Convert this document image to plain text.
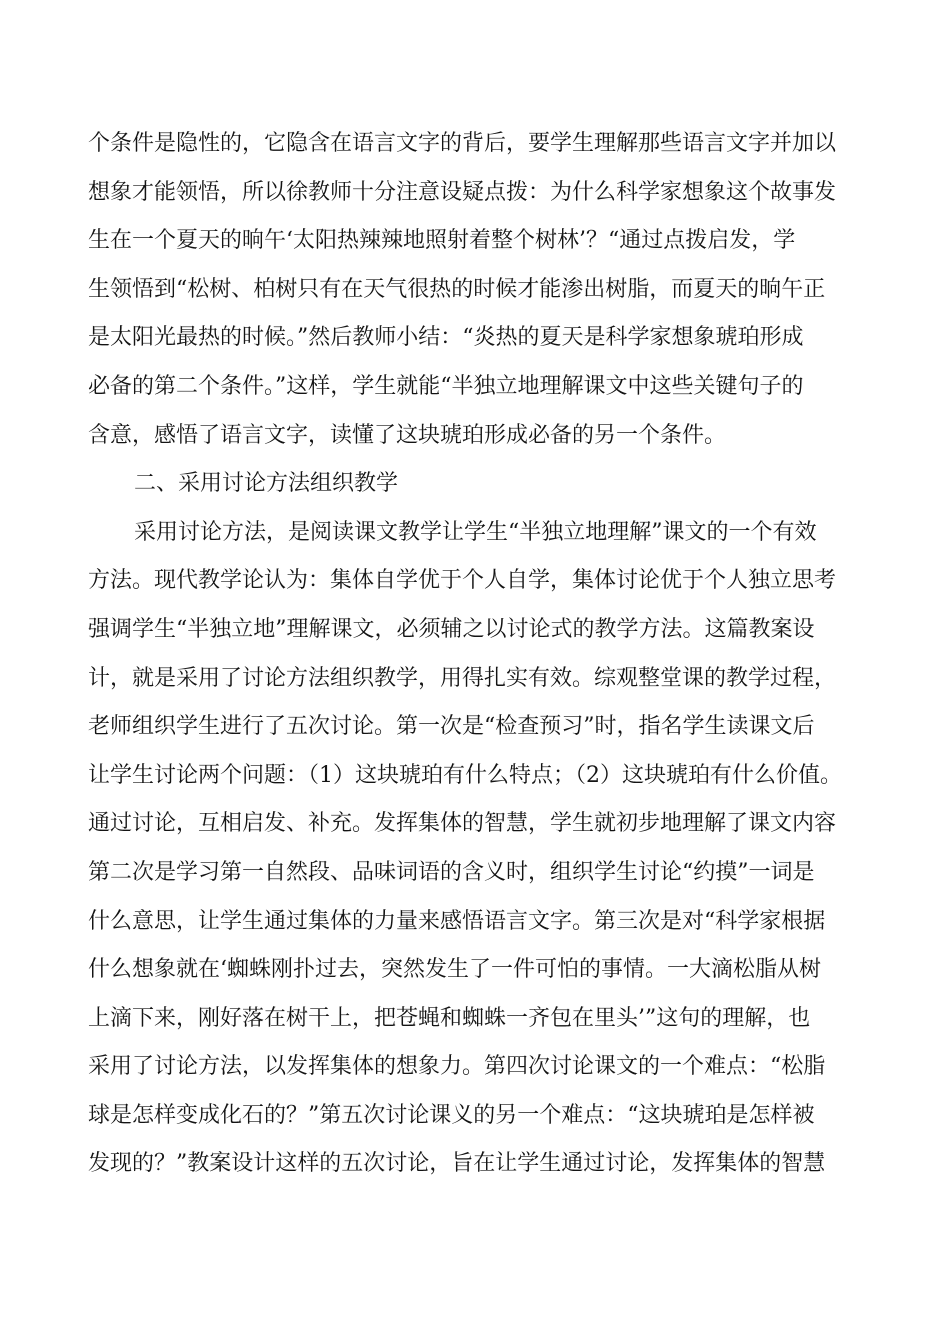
个条件是隐性的，它隐含在语言文字的背后，要学生理解那些语言文字并加以
想象才能领悟，所以徐教师十分注意设疑点拨：为什么科学家想象这个故事发
生在一个夏天的晌午‘太阳热辣辣地照射着整个树林’？“通过点拨启发，学
生领悟到“松树、柏树只有在天气很热的时候才能渗出树脂，而夏天的晌午正
是太阳光最热的时候。”然后教师小结：“炎热的夏天是科学家想象琥珀形成
必备的第二个条件。”这样，学生就能“半独立地理解课文中这些关键句子的
含意，感悟了语言文字，读懂了这块琥珀形成必备的另一个条件。
二、采用讨论方法组织教学
采用讨论方法，是阅读课文教学让学生“半独立地理解”课文的一个有效
方法。现代教学论认为：集体自学优于个人自学，集体讨论优于个人独立思考
强调学生“半独立地”理解课文，必须辅之以讨论式的教学方法。这篇教案设
计，就是采用了讨论方法组织教学，用得扎实有效。综观整堂课的教学过程，
老师组织学生进行了五次讨论。第一次是“检查预习”时，指名学生读课文后
让学生讨论两个问题：（1）这块琥珀有什么特点；（2）这块琥珀有什么价值。
通过讨论，互相启发、补充。发挥集体的智慧，学生就初步地理解了课文内容
第二次是学习第一自然段、品味词语的含义时，组织学生讨论“约摸”一词是
什么意思，让学生通过集体的力量来感悟语言文字。第三次是对“科学家根据
什么想象就在‘蜘蛛刚扑过去，突然发生了一件可怕的事情。一大滴松脂从树
上滴下来，刚好落在树干上，把苍蝇和蜘蛛一齐包在里头’”这句的理解，也
采用了讨论方法，以发挥集体的想象力。第四次讨论课文的一个难点：“松脂
球是怎样变成化石的？”第五次讨论课义的另一个难点：“这块琥珀是怎样被
发现的？”教案设计这样的五次讨论，旨在让学生通过讨论，发挥集体的智慧
